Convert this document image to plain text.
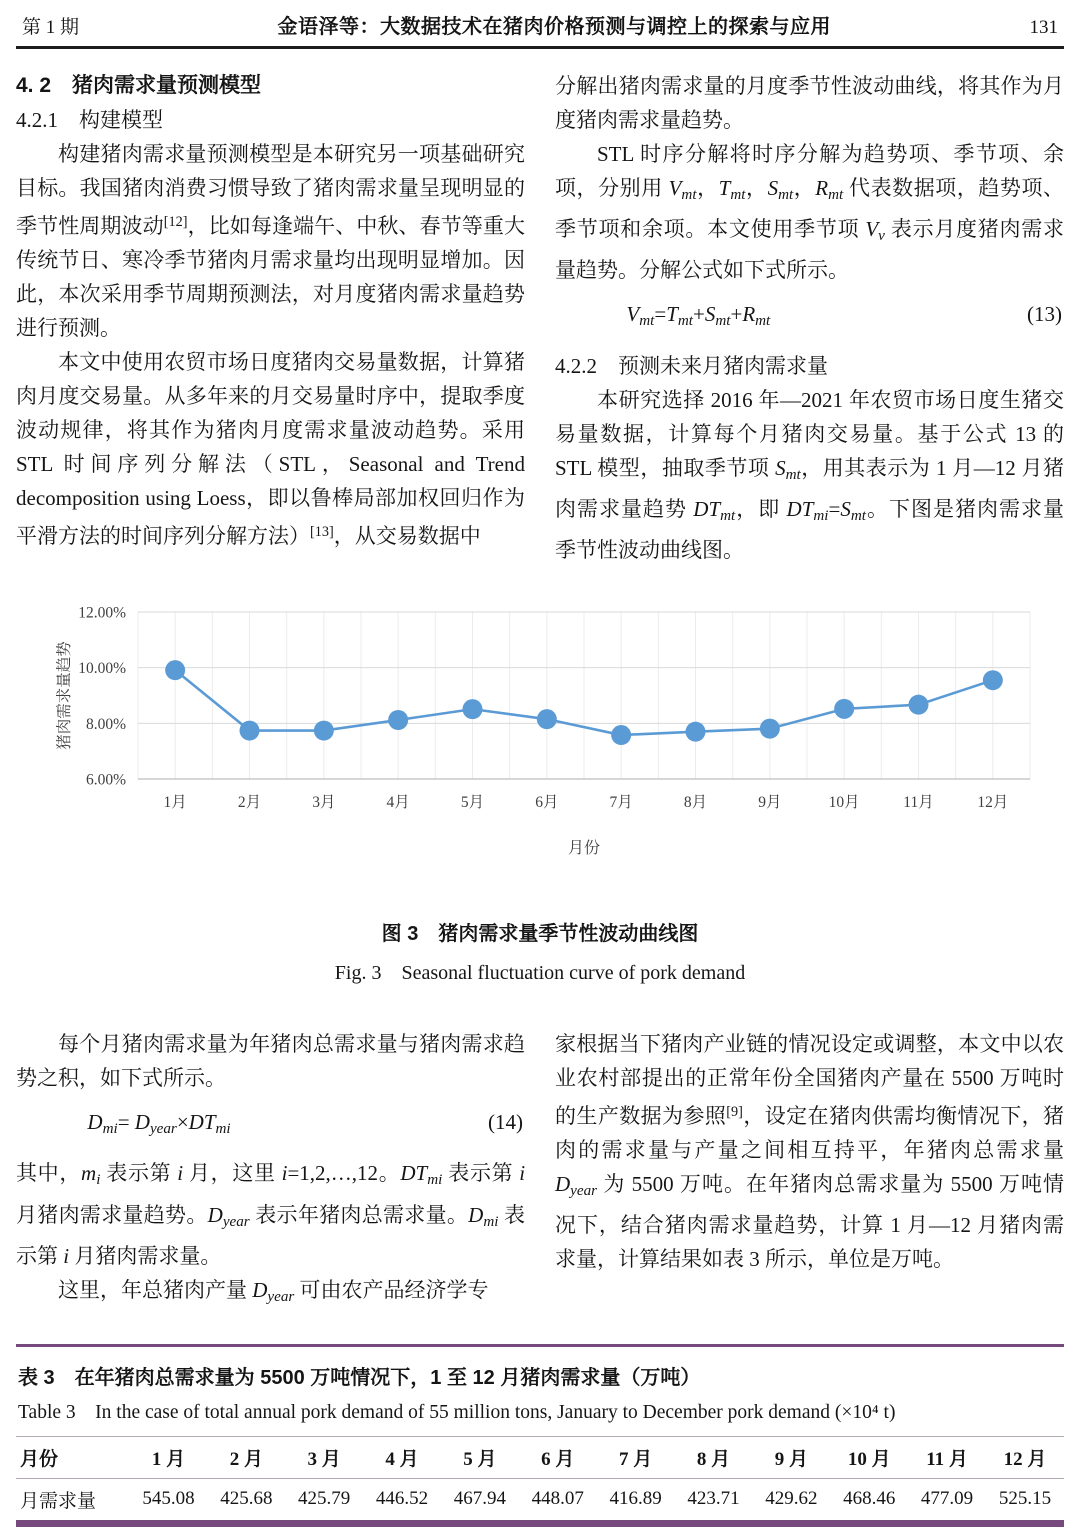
第 1 期	金语泽等：大数据技术在猪肉价格预测与调控上的探索与应用	131

4. 2　猪肉需求量预测模型

4.2.1　构建模型

构建猪肉需求量预测模型是本研究另一项基础研究目标。我国猪肉消费习惯导致了猪肉需求量呈现明显的季节性周期波动[12]，比如每逢端午、中秋、春节等重大传统节日、寒冷季节猪肉月需求量均出现明显增加。因此，本次采用季节周期预测法，对月度猪肉需求量趋势进行预测。

本文中使用农贸市场日度猪肉交易量数据，计算猪肉月度交易量。从多年来的月交易量时序中，提取季度波动规律，将其作为猪肉月度需求量波动趋势。采用 STL 时间序列分解法（STL，Seasonal and Trend decomposition using Loess，即以鲁棒局部加权回归作为平滑方法的时间序列分解方法）[13]，从交易数据中

分解出猪肉需求量的月度季节性波动曲线，将其作为月度猪肉需求量趋势。

STL 时序分解将时序分解为趋势项、季节项、余项，分别用 $V_{mt}$，$T_{mt}$，$S_{mt}$，$R_{mt}$ 代表数据项，趋势项、季节项和余项。本文使用季节项 $V_v$ 表示月度猪肉需求量趋势。分解公式如下式所示。

$V_{mt}=T_{mt}+S_{mt}+R_{mt}$	(13)

4.2.2　预测未来月猪肉需求量

本研究选择 2016 年—2021 年农贸市场日度生猪交易量数据，计算每个月猪肉交易量。基于公式 13 的 STL 模型，抽取季节项 $S_{mt}$，用其表示为 1 月—12 月猪肉需求量趋势 $DT_{mt}$，即 $DT_{mi}=S_{mt}$。下图是猪肉需求量季节性波动曲线图。

12.00%
10.00%
8.00%
6.00%
1月	2月	3月	4月	5月	6月	7月	8月	9月	10月	11月	12月
月份
猪肉需求量趋势
图 3　猪肉需求量季节性波动曲线图
Fig. 3　Seasonal fluctuation curve of pork demand

每个月猪肉需求量为年猪肉总需求量与猪肉需求趋势之积，如下式所示。

$D_{mi}= D_{year}\times DT_{mi}$	(14)

其中，$m_i$ 表示第 i 月，这里 i=1,2,…,12。$DT_{mi}$ 表示第 i 月猪肉需求量趋势。$D_{year}$ 表示年猪肉总需求量。$D_{mi}$ 表示第 i 月猪肉需求量。

这里，年总猪肉产量 $D_{year}$ 可由农产品经济学专

家根据当下猪肉产业链的情况设定或调整，本文中以农业农村部提出的正常年份全国猪肉产量在 5500 万吨时的生产数据为参照[9]，设定在猪肉供需均衡情况下，猪肉的需求量与产量之间相互持平，年猪肉总需求量 $D_{year}$ 为 5500 万吨。在年猪肉总需求量为 5500 万吨情况下，结合猪肉需求量趋势，计算 1 月—12 月猪肉需求量，计算结果如表 3 所示，单位是万吨。

表 3　在年猪肉总需求量为 5500 万吨情况下，1 至 12 月猪肉需求量（万吨）
Table 3　In the case of total annual pork demand of 55 million tons, January to December pork demand (×10⁴ t)
月份	1 月	2 月	3 月	4 月	5 月	6 月	7 月	8 月	9 月	10 月	11 月	12 月
月需求量	545.08	425.68	425.79	446.52	467.94	448.07	416.89	423.71	429.62	468.46	477.09	525.15
